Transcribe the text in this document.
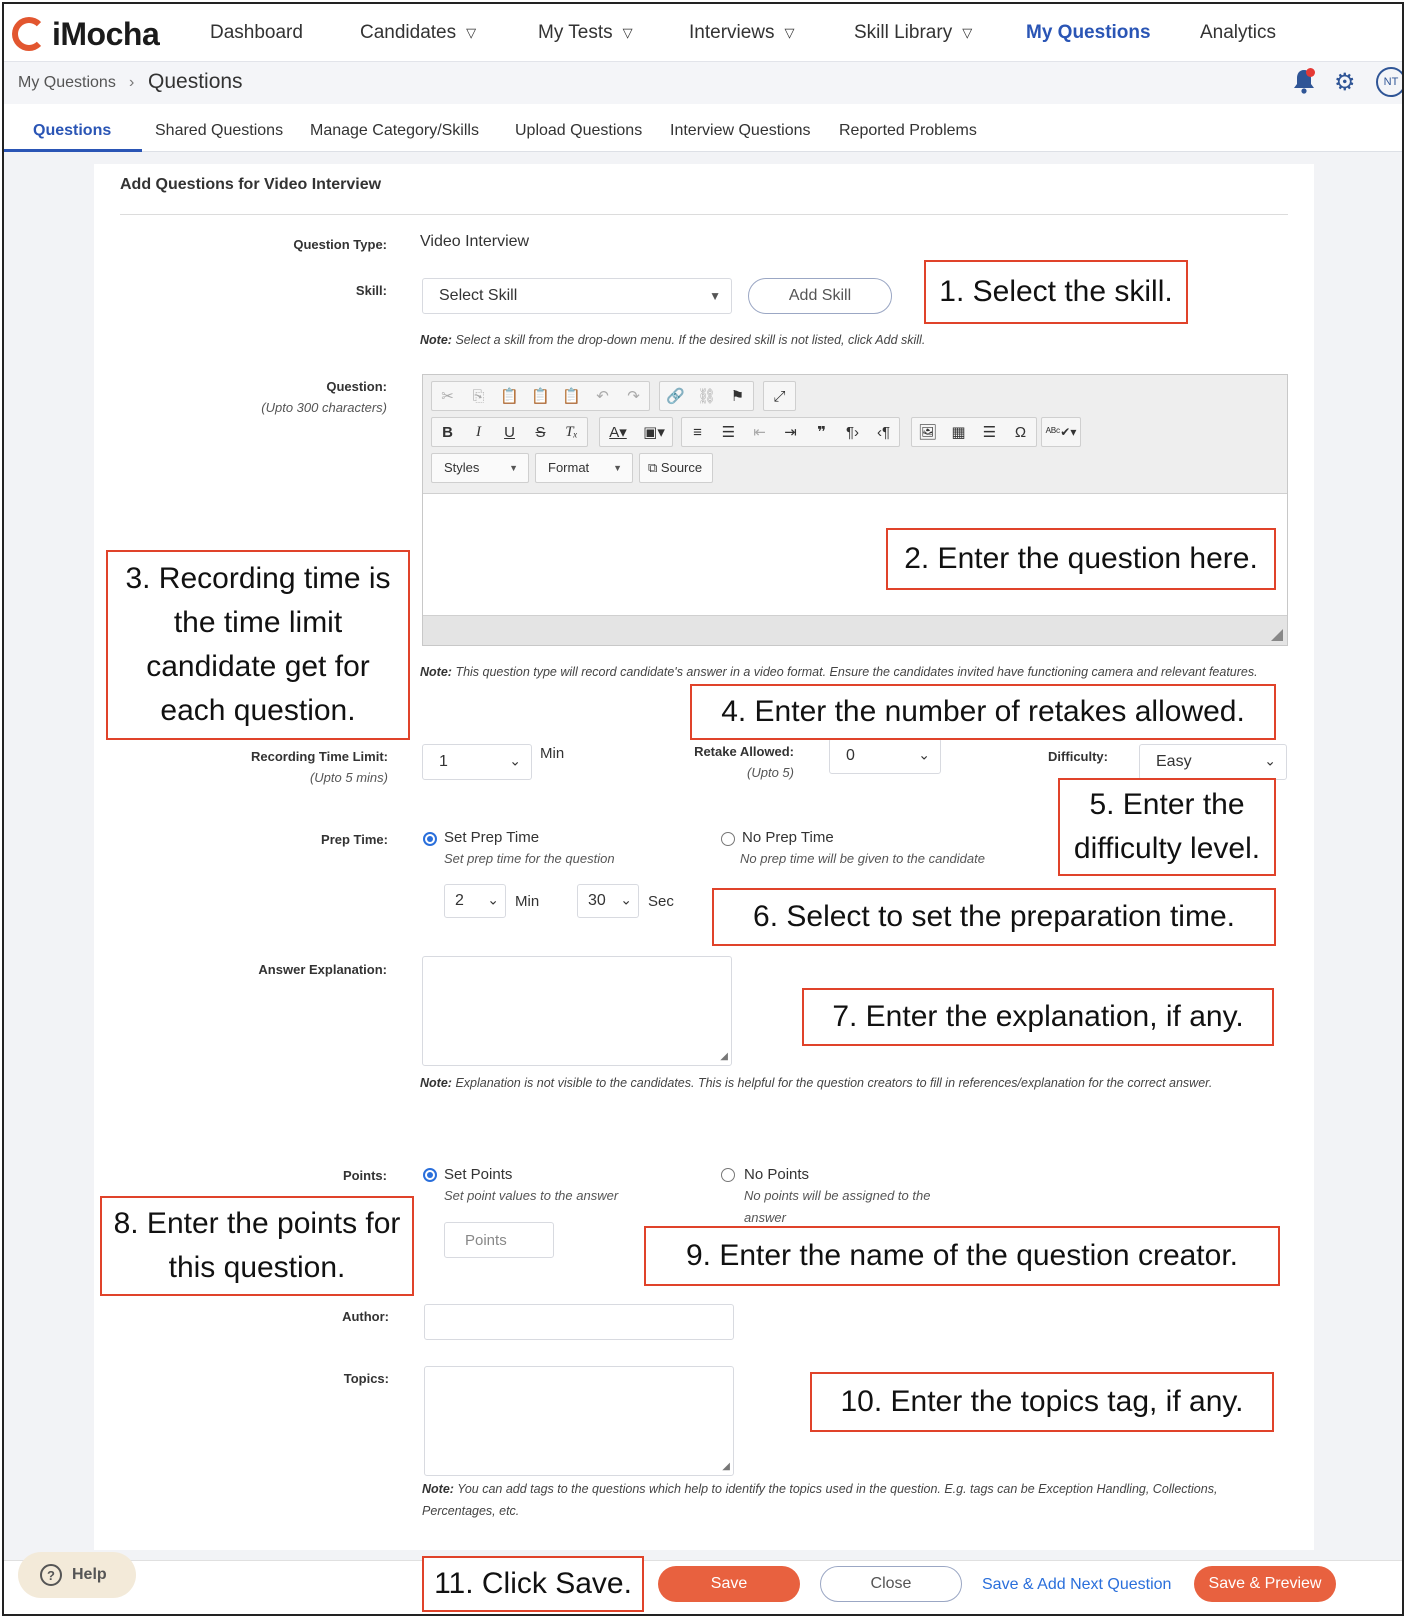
iMocha	Dashboard	Candidates ▽	My Tests ▽	Interviews ▽	Skill Library ▽	My Questions	Analytics
My Questions › Questions	⚙	NT
Questions	Shared Questions Manage Category/Skills Upload Questions Interview Questions Reported Problems
Add Questions for Video Interview
Question Type: Video Interview
Skill:	Select Skill	▼	Add Skill
Note: Select a skill from the drop-down menu. If the desired skill is not listed, click Add skill.
Question:
(Upto 300 characters)
✂	⎘	📋 📋 📋	↶	↷	🔗 ⛓ ⚑	⤢
B	I	U	S	Tₓ	A▾	▣▾	≡	☰	⇤	⇥	❞	¶›	‹¶	🖼 ▦	☰	Ω	ᴬᴮᶜ✔▾
Styles	▼	Format	▼	⧉ Source
Note: This question type will record candidate's answer in a video format. Ensure the candidates invited have functioning camera and relevant features.
Recording Time Limit:
(Upto 5 mins)
1	⌄ Min	Retake Allowed:
(Upto 5)
0	⌄	Difficulty:	Easy	⌄
Prep Time:	Set Prep Time
Set prep time for the question
No Prep Time
No prep time will be given to the candidate
2 ⌄ Min	30 ⌄ Sec
Answer Explanation:
◢
Note: Explanation is not visible to the candidates. This is helpful for the question creators to fill in references/explanation for the correct answer.
Points:	Set Points
Set point values to the answer
No Points
No points will be assigned to the answer
Points
Author:
Topics:
◢
Note: You can add tags to the questions which help to identify the topics used in the question. E.g. tags can be Exception Handling, Collections, Percentages, etc.
1. Select the skill.
2. Enter the question here.
3. Recording time is the time limit candidate get for each question.	4. Enter the number of retakes allowed.
5. Enter the difficulty level.
6. Select to set the preparation time.
7. Enter the explanation, if any.
8. Enter the points for this question.	9. Enter the name of the question creator.
10. Enter the topics tag, if any.
?	Help	11. Click Save.	Save	Close	Save & Add Next Question	Save & Preview
